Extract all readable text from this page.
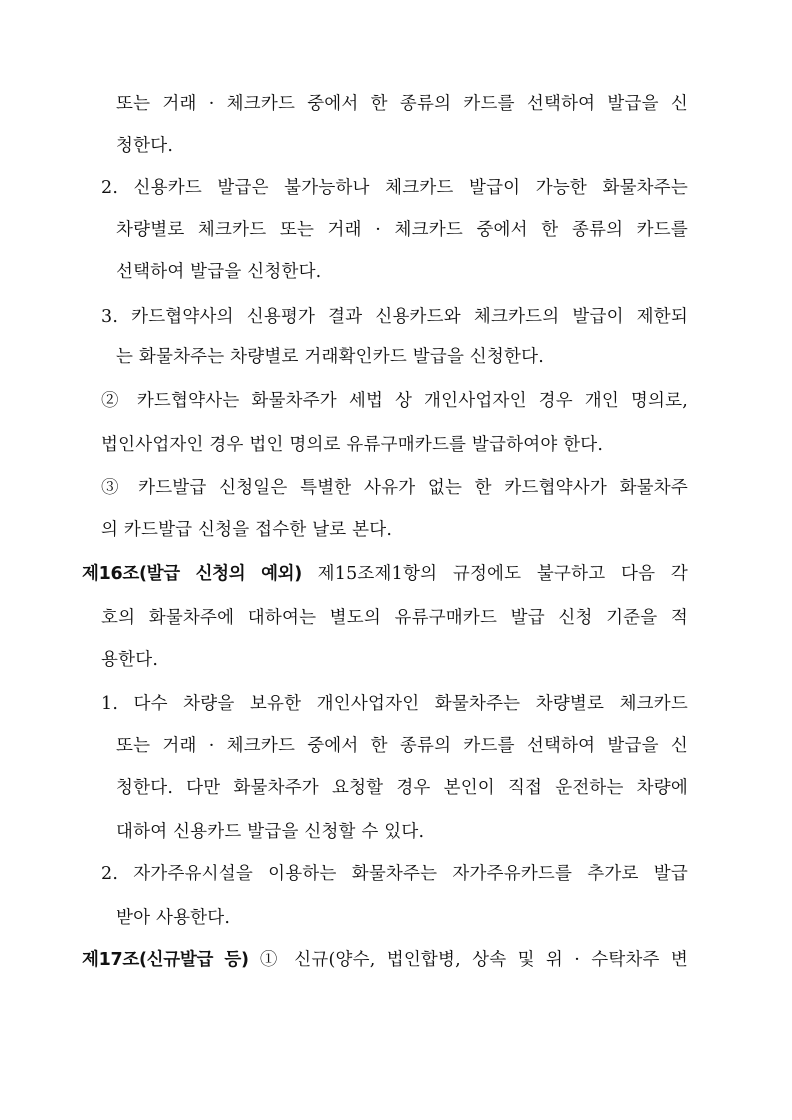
또는 거래 · 체크카드 중에서 한 종류의 카드를 선택하여 발급을 신
청한다.
2. 신용카드 발급은 불가능하나 체크카드 발급이 가능한 화물차주는
차량별로 체크카드 또는 거래 · 체크카드 중에서 한 종류의 카드를
선택하여 발급을 신청한다.
3. 카드협약사의 신용평가 결과 신용카드와 체크카드의 발급이 제한되
는 화물차주는 차량별로 거래확인카드 발급을 신청한다.
② 카드협약사는 화물차주가 세법 상 개인사업자인 경우 개인 명의로,
법인사업자인 경우 법인 명의로 유류구매카드를 발급하여야 한다.
③ 카드발급 신청일은 특별한 사유가 없는 한 카드협약사가 화물차주
의 카드발급 신청을 접수한 날로 본다.
제16조(발급 신청의 예외) 제15조제1항의 규정에도 불구하고 다음 각
호의 화물차주에 대하여는 별도의 유류구매카드 발급 신청 기준을 적
용한다.
1. 다수 차량을 보유한 개인사업자인 화물차주는 차량별로 체크카드
또는 거래 · 체크카드 중에서 한 종류의 카드를 선택하여 발급을 신
청한다. 다만 화물차주가 요청할 경우 본인이 직접 운전하는 차량에
대하여 신용카드 발급을 신청할 수 있다.
2. 자가주유시설을 이용하는 화물차주는 자가주유카드를 추가로 발급
받아 사용한다.
제17조(신규발급 등) ① 신규(양수, 법인합병, 상속 및 위 · 수탁차주 변
